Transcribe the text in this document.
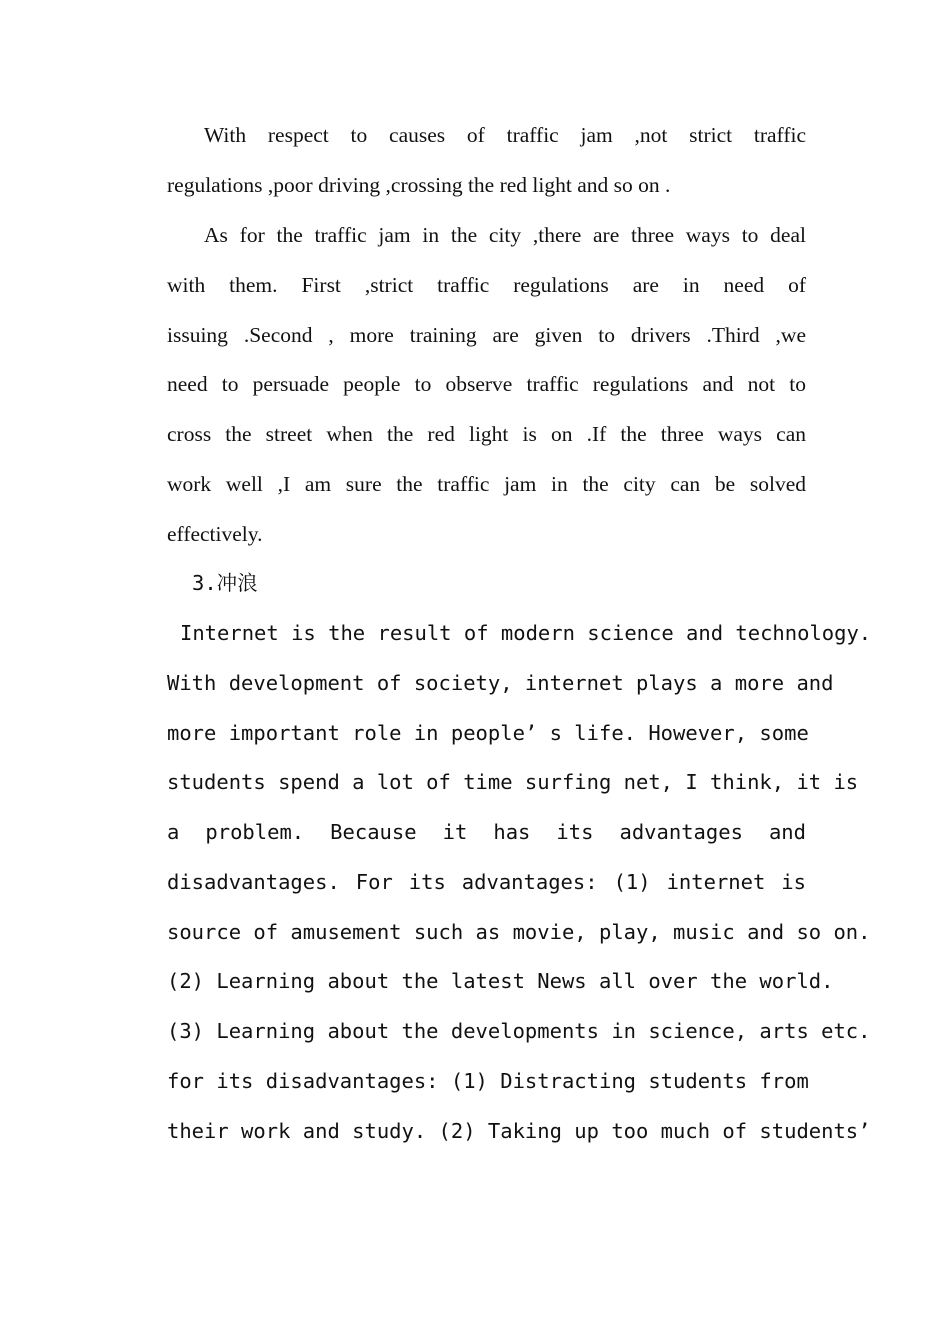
With respect to causes of traffic jam ,not strict traffic
regulations ,poor driving ,crossing the red light and so on .
As for the traffic jam in the city ,there are three ways to deal
with them. First ,strict traffic regulations are in need of
issuing .Second , more training are given to drivers .Third ,we
need to persuade people to observe traffic regulations and not to
cross the street when the red light is on .If the three ways can
work well ,I am sure the traffic jam in the city can be solved
effectively.
3.冲浪
Internet is the result of modern science and technology.
With development of society, internet plays a more and
more important role in people’ s life. However, some
students spend a lot of time surfing net, I think, it is
a problem. Because it has its advantages and
disadvantages. For its advantages: (1) internet is
source of amusement such as movie, play, music and so on.
(2) Learning about the latest News all over the world.
(3) Learning about the developments in science, arts etc.
for its disadvantages: (1) Distracting students from
their work and study. (2) Taking up too much of students’
